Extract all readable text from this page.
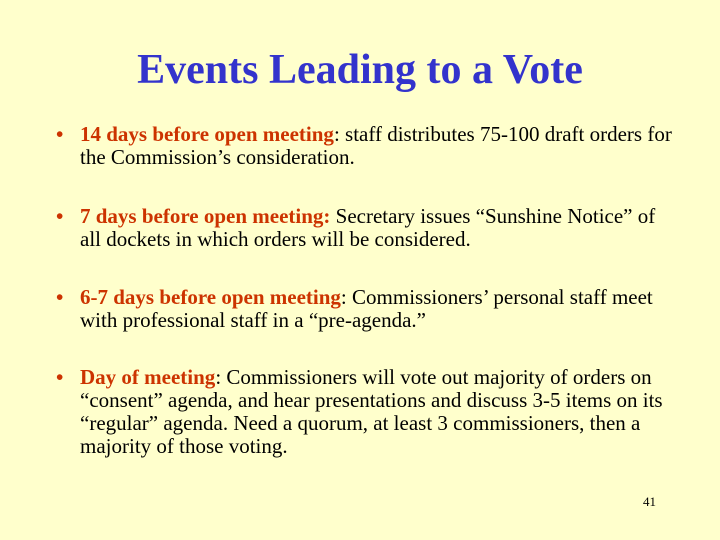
Events Leading to a Vote
• 14 days before open meeting: staff distributes 75-100 draft orders for the Commission’s consideration.
• 7 days before open meeting: Secretary issues “Sunshine Notice” of all dockets in which orders will be considered.
• 6-7 days before open meeting: Commissioners’ personal staff meet with professional staff in a “pre-agenda.”
• Day of meeting: Commissioners will vote out majority of orders on “consent” agenda, and hear presentations and discuss 3-5 items on its “regular” agenda. Need a quorum, at least 3 commissioners, then a majority of those voting.
41
